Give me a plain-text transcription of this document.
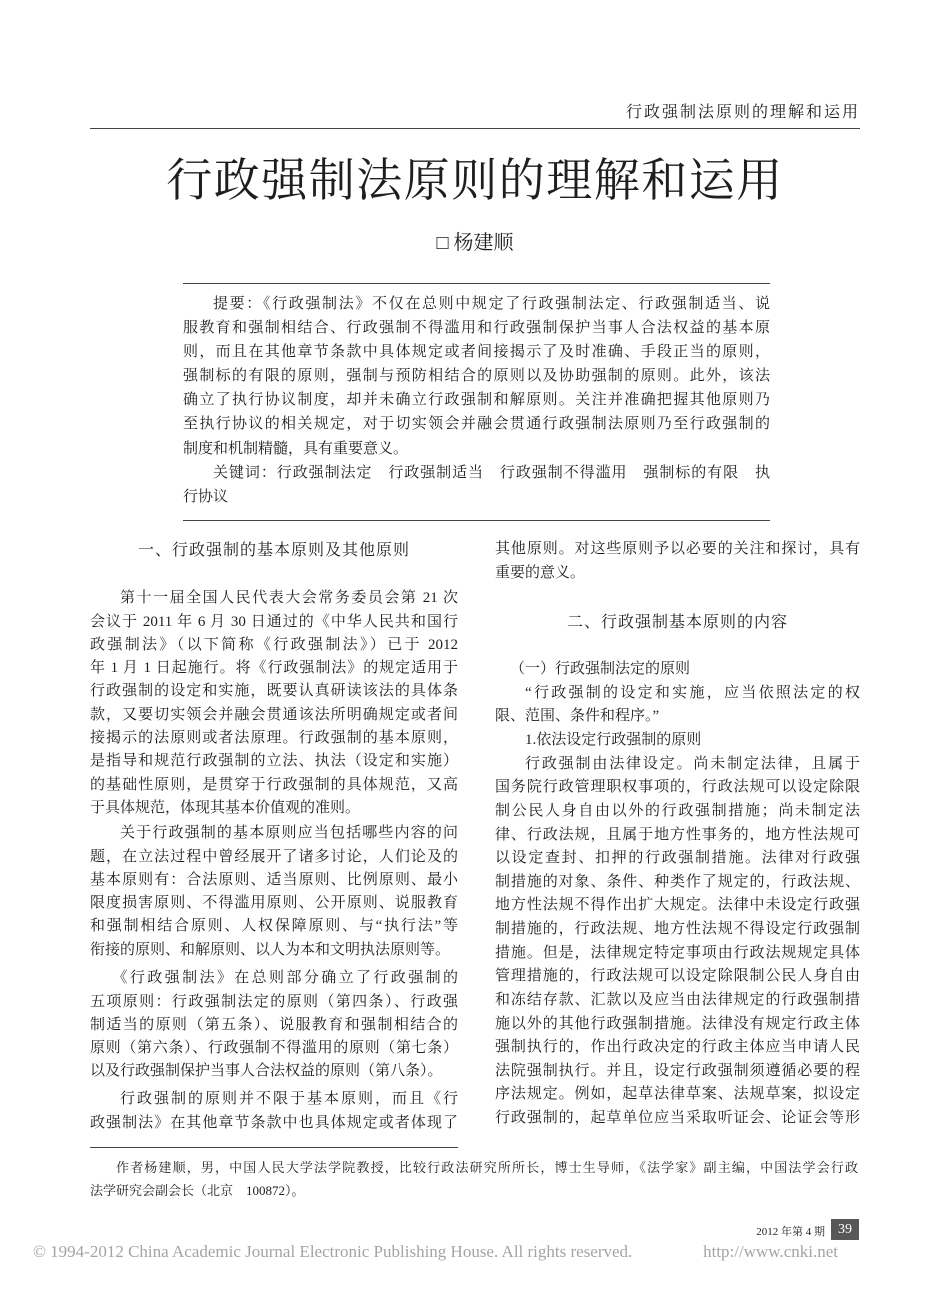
行政强制法原则的理解和运用
行政强制法原则的理解和运用
□ 杨建顺
提要：《行政强制法》不仅在总则中规定了行政强制法定、行政强制适当、说
服教育和强制相结合、行政强制不得滥用和行政强制保护当事人合法权益的基本原
则，而且在其他章节条款中具体规定或者间接揭示了及时准确、手段正当的原则，
强制标的有限的原则，强制与预防相结合的原则以及协助强制的原则。此外，该法
确立了执行协议制度，却并未确立行政强制和解原则。关注并准确把握其他原则乃
至执行协议的相关规定，对于切实领会并融会贯通行政强制法原则乃至行政强制的
制度和机制精髓，具有重要意义。
关键词：行政强制法定　行政强制适当　行政强制不得滥用　强制标的有限　执
行协议
一、行政强制的基本原则及其他原则
第十一届全国人民代表大会常务委员会第 21 次
会议于 2011 年 6 月 30 日通过的《中华人民共和国行
政强制法》（以下简称《行政强制法》）已于 2012
年 1 月 1 日起施行。将《行政强制法》的规定适用于
行政强制的设定和实施，既要认真研读该法的具体条
款，又要切实领会并融会贯通该法所明确规定或者间
接揭示的法原则或者法原理。行政强制的基本原则，
是指导和规范行政强制的立法、执法（设定和实施）
的基础性原则，是贯穿于行政强制的具体规范，又高
于具体规范，体现其基本价值观的准则。
关于行政强制的基本原则应当包括哪些内容的问
题，在立法过程中曾经展开了诸多讨论，人们论及的
基本原则有：合法原则、适当原则、比例原则、最小
限度损害原则、不得滥用原则、公开原则、说服教育
和强制相结合原则、人权保障原则、与“执行法”等
衔接的原则、和解原则、以人为本和文明执法原则等。
《行政强制法》在总则部分确立了行政强制的
五项原则：行政强制法定的原则（第四条）、行政强
制适当的原则（第五条）、说服教育和强制相结合的
原则（第六条）、行政强制不得滥用的原则（第七条）
以及行政强制保护当事人合法权益的原则（第八条）。
行政强制的原则并不限于基本原则，而且《行
政强制法》在其他章节条款中也具体规定或者体现了
其他原则。对这些原则予以必要的关注和探讨，具有
重要的意义。
二、行政强制基本原则的内容
（一）行政强制法定的原则
“行政强制的设定和实施，应当依照法定的权
限、范围、条件和程序。”
1.依法设定行政强制的原则
行政强制由法律设定。尚未制定法律，且属于
国务院行政管理职权事项的，行政法规可以设定除限
制公民人身自由以外的行政强制措施；尚未制定法
律、行政法规，且属于地方性事务的，地方性法规可
以设定查封、扣押的行政强制措施。法律对行政强
制措施的对象、条件、种类作了规定的，行政法规、
地方性法规不得作出扩大规定。法律中未设定行政强
制措施的，行政法规、地方性法规不得设定行政强制
措施。但是，法律规定特定事项由行政法规规定具体
管理措施的，行政法规可以设定除限制公民人身自由
和冻结存款、汇款以及应当由法律规定的行政强制措
施以外的其他行政强制措施。法律没有规定行政主体
强制执行的，作出行政决定的行政主体应当申请人民
法院强制执行。并且，设定行政强制须遵循必要的程
序法规定。例如，起草法律草案、法规草案，拟设定
行政强制的，起草单位应当采取听证会、论证会等形
作者杨建顺，男，中国人民大学法学院教授，比较行政法研究所所长，博士生导师，《法学家》副主编，中国法学会行政
法学研究会副会长（北京　100872）。
2012 年第 4 期 39
© 1994-2012 China Academic Journal Electronic Publishing House. All rights reserved.	http://www.cnki.net
